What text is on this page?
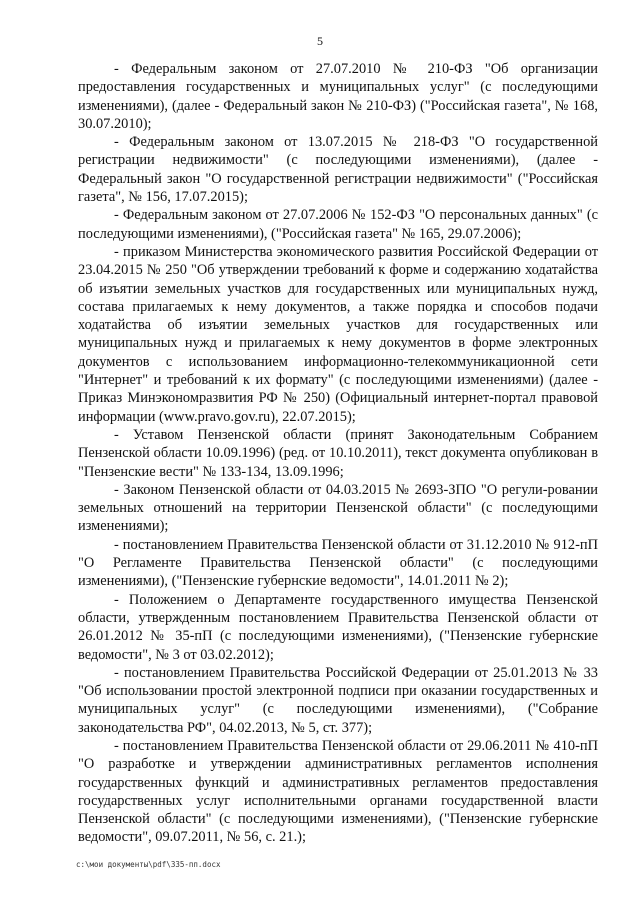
5

- Федеральным законом от 27.07.2010 № 210-ФЗ "Об организации предоставления государственных и муниципальных услуг" (с последующими изменениями), (далее - Федеральный закон № 210-ФЗ) ("Российская газета", № 168, 30.07.2010);

- Федеральным законом от 13.07.2015 № 218-ФЗ "О государственной регистрации недвижимости" (с последующими изменениями), (далее - Федеральный закон "О государственной регистрации недвижимости" ("Российская газета", № 156, 17.07.2015);

- Федеральным законом от 27.07.2006 № 152-ФЗ "О персональных данных" (с последующими изменениями), ("Российская газета" № 165, 29.07.2006);

- приказом Министерства экономического развития Российской Федерации от 23.04.2015 № 250 "Об утверждении требований к форме и содержанию ходатайства об изъятии земельных участков для государственных или муниципальных нужд, состава прилагаемых к нему документов, а также порядка и способов подачи ходатайства об изъятии земельных участков для государственных или муниципальных нужд и прилагаемых к нему документов в форме электронных документов с использованием информационно-телекоммуникационной сети "Интернет" и требований к их формату" (с последующими изменениями) (далее - Приказ Минэкономразвития РФ № 250) (Официальный интернет-портал правовой информации (www.pravo.gov.ru), 22.07.2015);

- Уставом Пензенской области (принят Законодательным Собранием Пензенской области 10.09.1996) (ред. от 10.10.2011), текст документа опубликован в "Пензенские вести" № 133-134, 13.09.1996;

- Законом Пензенской области от 04.03.2015 № 2693-ЗПО "О регули-ровании земельных отношений на территории Пензенской области" (с последующими изменениями);

- постановлением Правительства Пензенской области от 31.12.2010 № 912-пП "О Регламенте Правительства Пензенской области" (с последующими изменениями), ("Пензенские губернские ведомости", 14.01.2011 № 2);

- Положением о Департаменте государственного имущества Пензенской области, утвержденным постановлением Правительства Пензенской области от 26.01.2012 № 35-пП (с последующими изменениями), ("Пензенские губернские ведомости", № 3 от 03.02.2012);

- постановлением Правительства Российской Федерации от 25.01.2013 № 33 "Об использовании простой электронной подписи при оказании государственных и муниципальных услуг" (с последующими изменениями), ("Собрание законодательства РФ", 04.02.2013, № 5, ст. 377);

- постановлением Правительства Пензенской области от 29.06.2011 № 410-пП "О разработке и утверждении административных регламентов исполнения государственных функций и административных регламентов предоставления государственных услуг исполнительными органами государственной власти Пензенской области" (с последующими изменениями), ("Пензенские губернские ведомости", 09.07.2011, № 56, с. 21.);

c:\мои документы\pdf\335-пп.docx
